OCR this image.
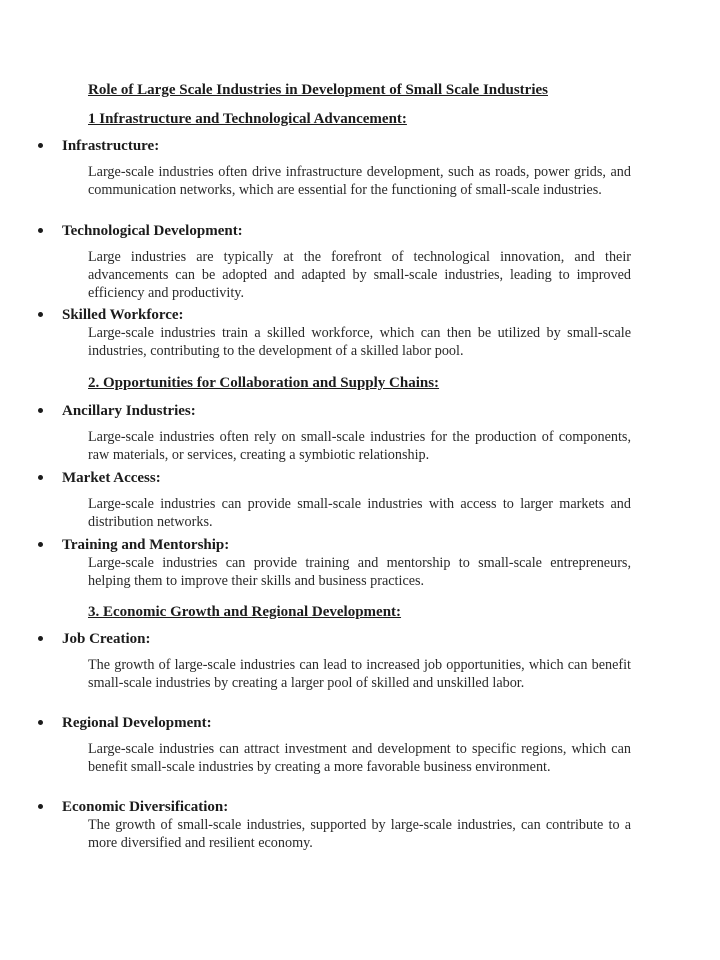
Role of Large Scale Industries in Development of Small Scale Industries
1 Infrastructure and Technological Advancement:
Infrastructure:
Large-scale industries often drive infrastructure development, such as roads, power grids, and communication networks, which are essential for the functioning of small-scale industries.
Technological Development:
Large industries are typically at the forefront of technological innovation, and their advancements can be adopted and adapted by small-scale industries, leading to improved efficiency and productivity.
Skilled Workforce:
Large-scale industries train a skilled workforce, which can then be utilized by small-scale industries, contributing to the development of a skilled labor pool.
2. Opportunities for Collaboration and Supply Chains:
Ancillary Industries:
Large-scale industries often rely on small-scale industries for the production of components, raw materials, or services, creating a symbiotic relationship.
Market Access:
Large-scale industries can provide small-scale industries with access to larger markets and distribution networks.
Training and Mentorship:
Large-scale industries can provide training and mentorship to small-scale entrepreneurs, helping them to improve their skills and business practices.
3. Economic Growth and Regional Development:
Job Creation:
The growth of large-scale industries can lead to increased job opportunities, which can benefit small-scale industries by creating a larger pool of skilled and unskilled labor.
Regional Development:
Large-scale industries can attract investment and development to specific regions, which can benefit small-scale industries by creating a more favorable business environment.
Economic Diversification:
The growth of small-scale industries, supported by large-scale industries, can contribute to a more diversified and resilient economy.
